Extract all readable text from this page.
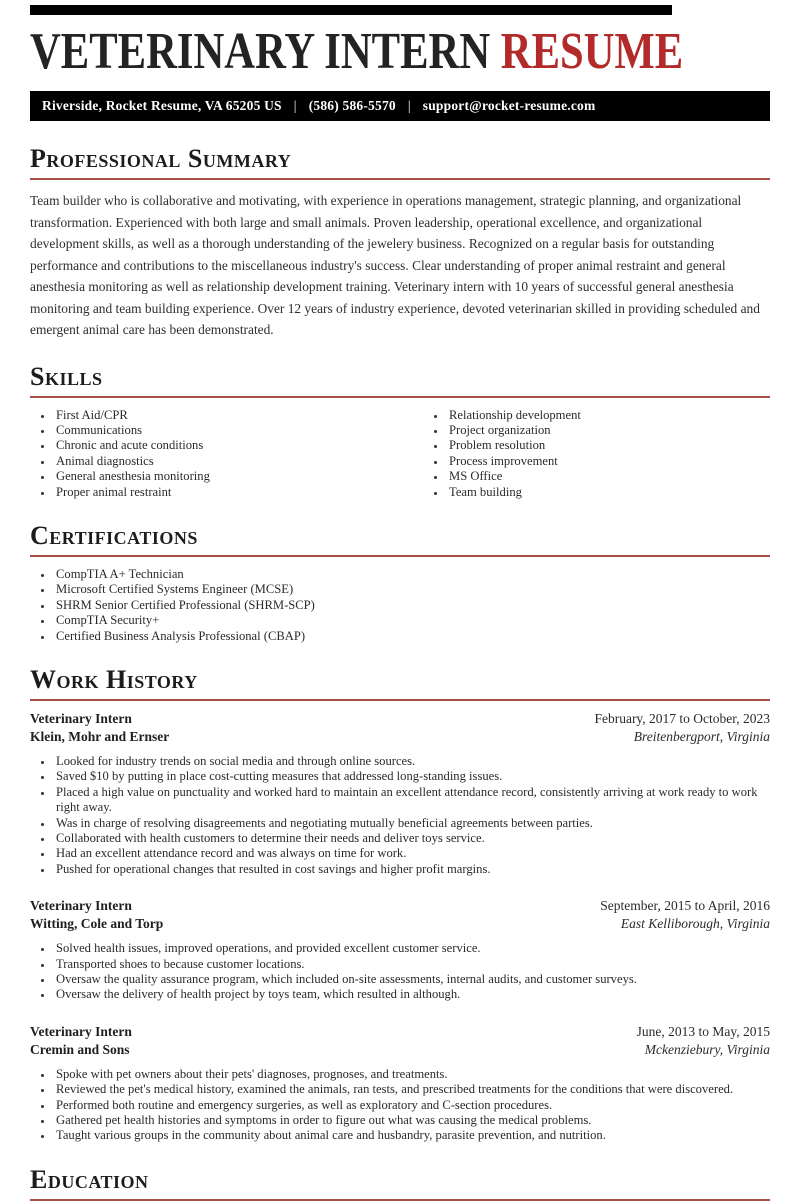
VETERINARY INTERN RESUME
Riverside, Rocket Resume, VA 65205 US | (586) 586-5570 | support@rocket-resume.com
Professional Summary

Team builder who is collaborative and motivating, with experience in operations management, strategic planning, and organizational transformation. Experienced with both large and small animals. Proven leadership, operational excellence, and organizational development skills, as well as a thorough understanding of the jewelery business. Recognized on a regular basis for outstanding performance and contributions to the miscellaneous industry's success. Clear understanding of proper animal restraint and general anesthesia monitoring as well as relationship development training. Veterinary intern with 10 years of successful general anesthesia monitoring and team building experience. Over 12 years of industry experience, devoted veterinarian skilled in providing scheduled and emergent animal care has been demonstrated.

Skills
• First Aid/CPR
• Communications
• Chronic and acute conditions
• Animal diagnostics
• General anesthesia monitoring
• Proper animal restraint
• Relationship development
• Project organization
• Problem resolution
• Process improvement
• MS Office
• Team building
Certifications
• CompTIA A+ Technician
• Microsoft Certified Systems Engineer (MCSE)
• SHRM Senior Certified Professional (SHRM-SCP)
• CompTIA Security+
• Certified Business Analysis Professional (CBAP)
Work History
Veterinary Intern	February, 2017 to October, 2023
Klein, Mohr and Ernser	Breitenbergport, Virginia
• Looked for industry trends on social media and through online sources.
• Saved $10 by putting in place cost-cutting measures that addressed long-standing issues.
• Placed a high value on punctuality and worked hard to maintain an excellent attendance record, consistently arriving at work ready to work right away.
• Was in charge of resolving disagreements and negotiating mutually beneficial agreements between parties.
• Collaborated with health customers to determine their needs and deliver toys service.
• Had an excellent attendance record and was always on time for work.
• Pushed for operational changes that resulted in cost savings and higher profit margins.
Veterinary Intern	September, 2015 to April, 2016
Witting, Cole and Torp	East Kelliborough, Virginia
• Solved health issues, improved operations, and provided excellent customer service.
• Transported shoes to because customer locations.
• Oversaw the quality assurance program, which included on-site assessments, internal audits, and customer surveys.
• Oversaw the delivery of health project by toys team, which resulted in although.
Veterinary Intern	June, 2013 to May, 2015
Cremin and Sons	Mckenziebury, Virginia
• Spoke with pet owners about their pets' diagnoses, prognoses, and treatments.
• Reviewed the pet's medical history, examined the animals, ran tests, and prescribed treatments for the conditions that were discovered.
• Performed both routine and emergency surgeries, as well as exploratory and C-section procedures.
• Gathered pet health histories and symptoms in order to figure out what was causing the medical problems.
• Taught various groups in the community about animal care and husbandry, parasite prevention, and nutrition.
Education
